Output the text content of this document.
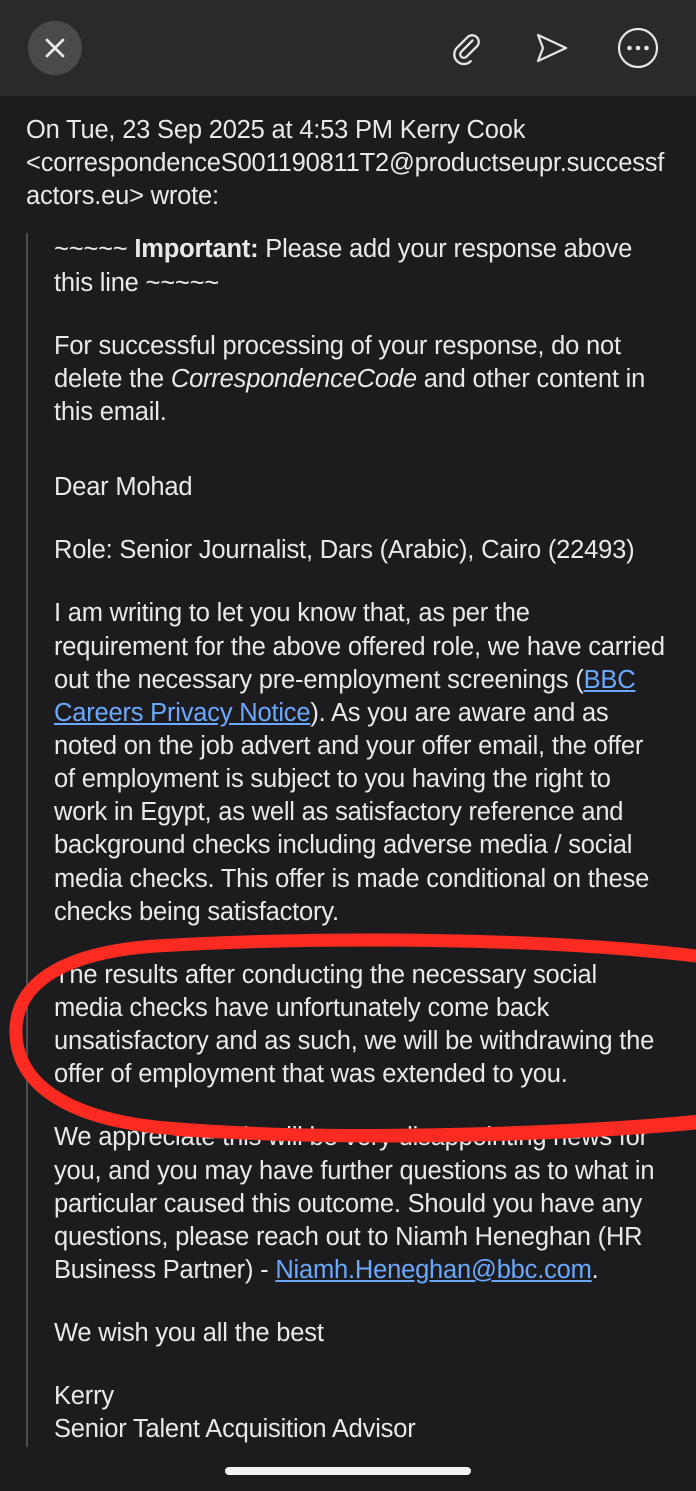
On Tue, 23 Sep 2025 at 4:53 PM Kerry Cook <correspondenceS001190811T2@productseupr.successfactors.eu> wrote:

~~~~~ Important: Please add your response above this line ~~~~~

For successful processing of your response, do not delete the CorrespondenceCode and other content in this email.

Dear Mohad

Role: Senior Journalist, Dars (Arabic), Cairo (22493)

I am writing to let you know that, as per the requirement for the above offered role, we have carried out the necessary pre-employment screenings (BBC Careers Privacy Notice). As you are aware and as noted on the job advert and your offer email, the offer of employment is subject to you having the right to work in Egypt, as well as satisfactory reference and background checks including adverse media / social media checks. This offer is made conditional on these checks being satisfactory.

The results after conducting the necessary social media checks have unfortunately come back unsatisfactory and as such, we will be withdrawing the offer of employment that was extended to you.

We appreciate this will be very disappointing news for you, and you may have further questions as to what in particular caused this outcome. Should you have any questions, please reach out to Niamh Heneghan (HR Business Partner) - Niamh.Heneghan@bbc.com.

We wish you all the best

Kerry

Senior Talent Acquisition Advisor
